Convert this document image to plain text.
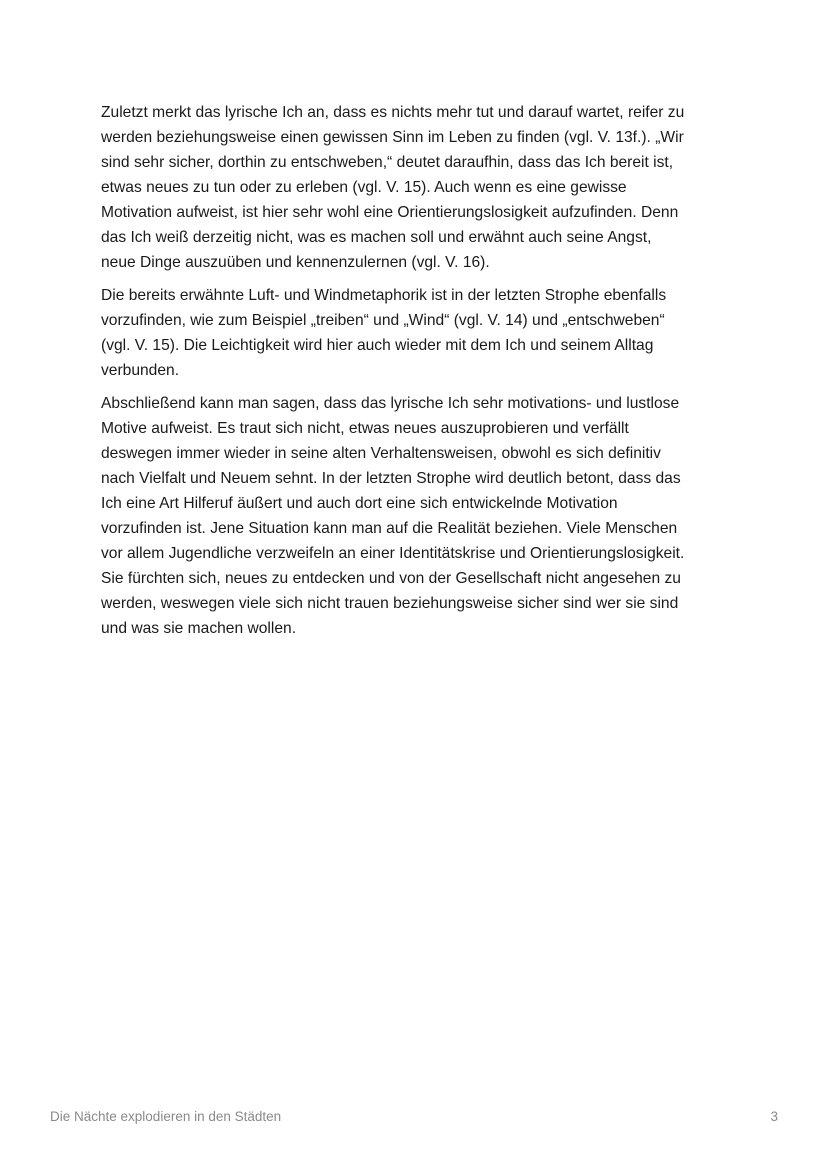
Zuletzt merkt das lyrische Ich an, dass es nichts mehr tut und darauf wartet, reifer zu
werden beziehungsweise einen gewissen Sinn im Leben zu finden (vgl. V. 13f.). „Wir
sind sehr sicher, dorthin zu entschweben,“ deutet daraufhin, dass das Ich bereit ist,
etwas neues zu tun oder zu erleben (vgl. V. 15). Auch wenn es eine gewisse
Motivation aufweist, ist hier sehr wohl eine Orientierungslosigkeit aufzufinden. Denn
das Ich weiß derzeitig nicht, was es machen soll und erwähnt auch seine Angst,
neue Dinge auszuüben und kennenzulernen (vgl. V. 16).

Die bereits erwähnte Luft- und Windmetaphorik ist in der letzten Strophe ebenfalls
vorzufinden, wie zum Beispiel „treiben“ und „Wind“ (vgl. V. 14) und „entschweben“
(vgl. V. 15). Die Leichtigkeit wird hier auch wieder mit dem Ich und seinem Alltag
verbunden.

Abschließend kann man sagen, dass das lyrische Ich sehr motivations- und lustlose
Motive aufweist. Es traut sich nicht, etwas neues auszuprobieren und verfällt
deswegen immer wieder in seine alten Verhaltensweisen, obwohl es sich definitiv
nach Vielfalt und Neuem sehnt. In der letzten Strophe wird deutlich betont, dass das
Ich eine Art Hilferuf äußert und auch dort eine sich entwickelnde Motivation
vorzufinden ist. Jene Situation kann man auf die Realität beziehen. Viele Menschen
vor allem Jugendliche verzweifeln an einer Identitätskrise und Orientierungslosigkeit.
Sie fürchten sich, neues zu entdecken und von der Gesellschaft nicht angesehen zu
werden, weswegen viele sich nicht trauen beziehungsweise sicher sind wer sie sind
und was sie machen wollen.

Die Nächte explodieren in den Städten	3
